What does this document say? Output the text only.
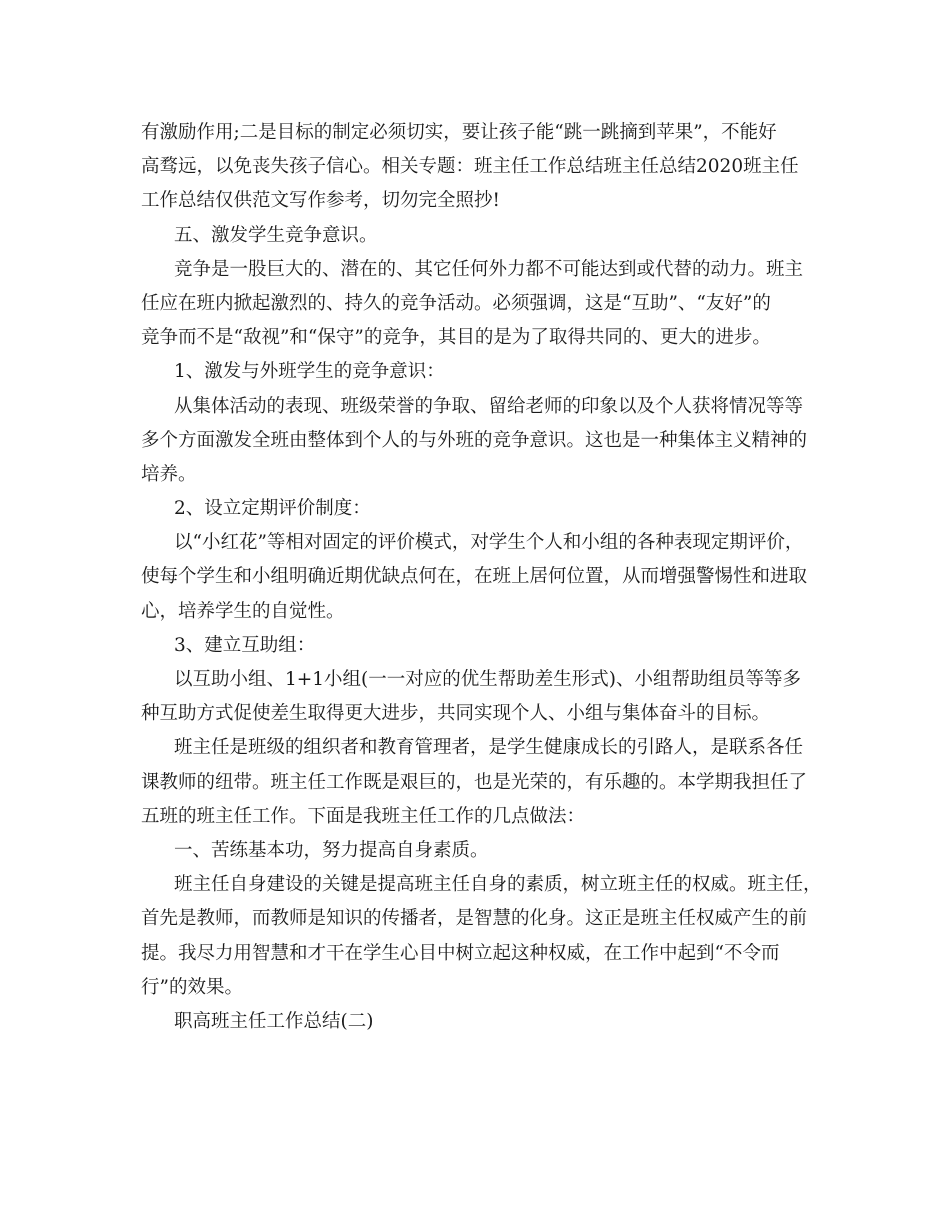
有激励作用;二是目标的制定必须切实，要让孩子能“跳一跳摘到苹果”，不能好
高骛远，以免丧失孩子信心。相关专题：班主任工作总结班主任总结2020班主任
工作总结仅供范文写作参考，切勿完全照抄!
五、激发学生竞争意识。
竞争是一股巨大的、潜在的、其它任何外力都不可能达到或代替的动力。班主
任应在班内掀起激烈的、持久的竞争活动。必须强调，这是“互助”、“友好”的
竞争而不是“敌视”和“保守”的竞争，其目的是为了取得共同的、更大的进步。
1、激发与外班学生的竞争意识：
从集体活动的表现、班级荣誉的争取、留给老师的印象以及个人获将情况等等
多个方面激发全班由整体到个人的与外班的竞争意识。这也是一种集体主义精神的
培养。
2、设立定期评价制度：
以“小红花”等相对固定的评价模式，对学生个人和小组的各种表现定期评价，
使每个学生和小组明确近期优缺点何在，在班上居何位置，从而增强警惕性和进取
心，培养学生的自觉性。
3、建立互助组：
以互助小组、1+1小组(一一对应的优生帮助差生形式)、小组帮助组员等等多
种互助方式促使差生取得更大进步，共同实现个人、小组与集体奋斗的目标。
班主任是班级的组织者和教育管理者，是学生健康成长的引路人，是联系各任
课教师的纽带。班主任工作既是艰巨的，也是光荣的，有乐趣的。本学期我担任了
五班的班主任工作。下面是我班主任工作的几点做法：
一、苦练基本功，努力提高自身素质。
班主任自身建设的关键是提高班主任自身的素质，树立班主任的权威。班主任，
首先是教师，而教师是知识的传播者，是智慧的化身。这正是班主任权威产生的前
提。我尽力用智慧和才干在学生心目中树立起这种权威，在工作中起到“不令而
行”的效果。
职高班主任工作总结(二)
